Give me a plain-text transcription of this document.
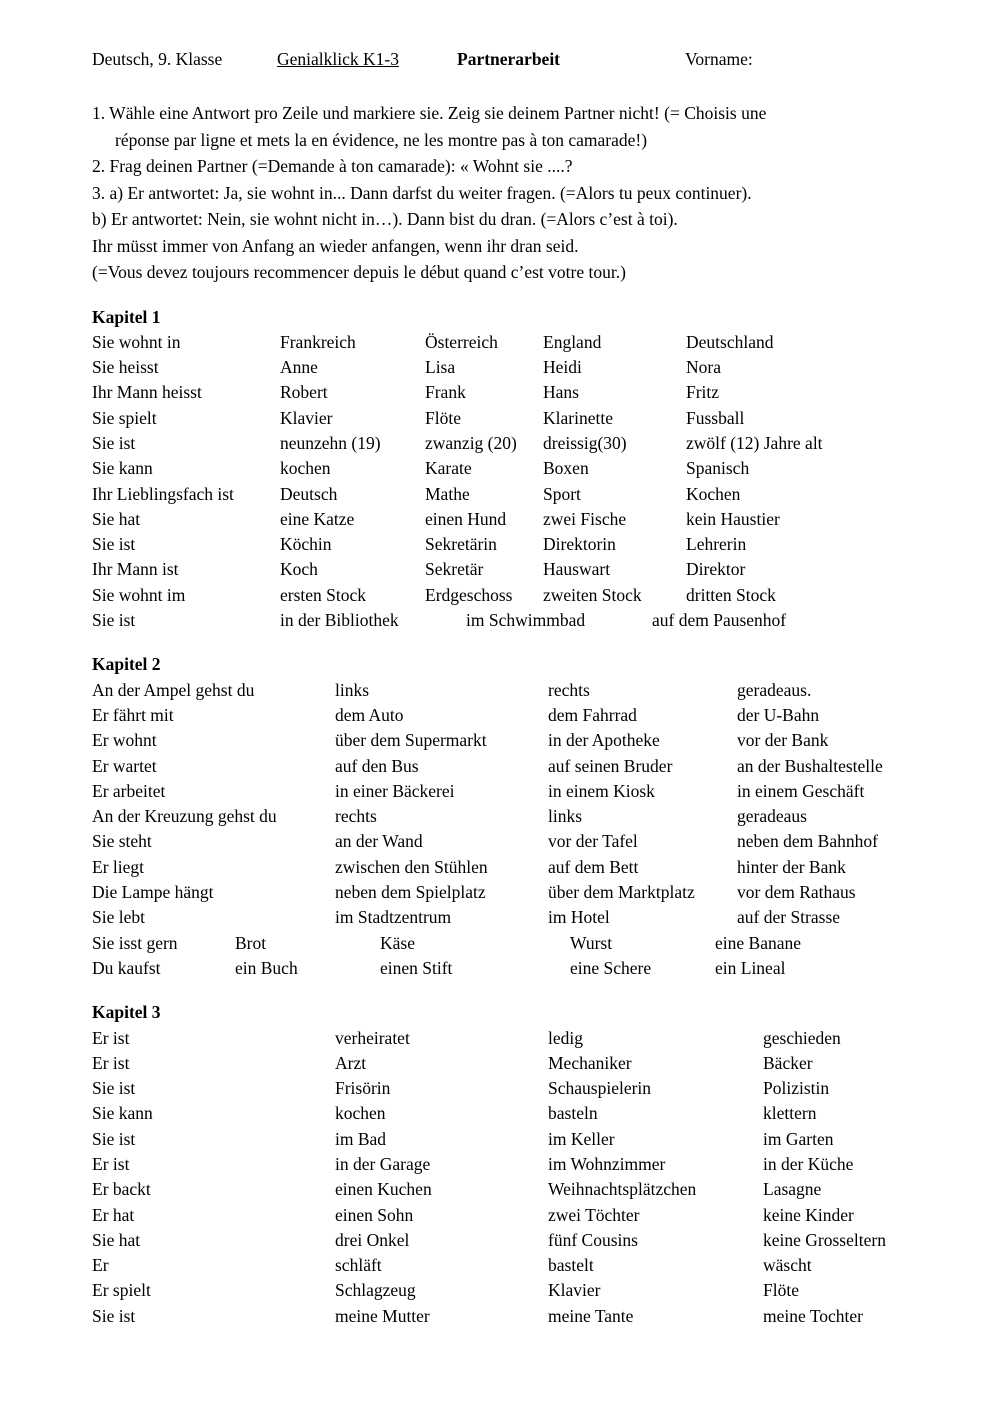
Deutsch, 9. Klasse	Genialklick K1-3	Partnerarbeit	Vorname:
1. Wähle eine Antwort pro Zeile und markiere sie. Zeig sie deinem Partner nicht! (= Choisis une
réponse par ligne et mets la en évidence, ne les montre pas à ton camarade!)
2. Frag deinen Partner (=Demande à ton camarade): « Wohnt sie ....?
3. a) Er antwortet: Ja, sie wohnt in... Dann darfst du weiter fragen. (=Alors tu peux continuer).
b) Er antwortet: Nein, sie wohnt nicht in…). Dann bist du dran. (=Alors c’est à toi).
Ihr müsst immer von Anfang an wieder anfangen, wenn ihr dran seid.
(=Vous devez toujours recommencer depuis le début quand c’est votre tour.)
Kapitel 1
Sie wohnt in	Frankreich	Österreich	England	Deutschland
Sie heisst	Anne	Lisa	Heidi	Nora
Ihr Mann heisst	Robert	Frank	Hans	Fritz
Sie spielt	Klavier	Flöte	Klarinette	Fussball
Sie ist	neunzehn (19)	zwanzig (20)	dreissig(30)	zwölf (12) Jahre alt
Sie kann	kochen	Karate	Boxen	Spanisch
Ihr Lieblingsfach ist	Deutsch	Mathe	Sport	Kochen
Sie hat	eine Katze	einen Hund	zwei Fische	kein Haustier
Sie ist	Köchin	Sekretärin	Direktorin	Lehrerin
Ihr Mann ist	Koch	Sekretär	Hauswart	Direktor
Sie wohnt im	ersten Stock	Erdgeschoss	zweiten Stock	dritten Stock
Sie ist	in der Bibliothek	im Schwimmbad	auf dem Pausenhof
Kapitel 2
An der Ampel gehst du	links	rechts	geradeaus.
Er fährt mit	dem Auto	dem Fahrrad	der U-Bahn
Er wohnt	über dem Supermarkt	in der Apotheke	vor der Bank
Er wartet	auf den Bus	auf seinen Bruder	an der Bushaltestelle
Er arbeitet	in einer Bäckerei	in einem Kiosk	in einem Geschäft
An der Kreuzung gehst du	rechts	links	geradeaus
Sie steht	an der Wand	vor der Tafel	neben dem Bahnhof
Er liegt	zwischen den Stühlen	auf dem Bett	hinter der Bank
Die Lampe hängt	neben dem Spielplatz	über dem Marktplatz	vor dem Rathaus
Sie lebt	im Stadtzentrum	im Hotel	auf der Strasse
Sie isst gern	Brot	Käse	Wurst	eine Banane
Du kaufst	ein Buch	einen Stift	eine Schere	ein Lineal
Kapitel 3
Er ist	verheiratet	ledig	geschieden
Er ist	Arzt	Mechaniker	Bäcker
Sie ist	Frisörin	Schauspielerin	Polizistin
Sie kann	kochen	basteln	klettern
Sie ist	im Bad	im Keller	im Garten
Er ist	in der Garage	im Wohnzimmer	in der Küche
Er backt	einen Kuchen	Weihnachtsplätzchen	Lasagne
Er hat	einen Sohn	zwei Töchter	keine Kinder
Sie hat	drei Onkel	fünf Cousins	keine Grosseltern
Er	schläft	bastelt	wäscht
Er spielt	Schlagzeug	Klavier	Flöte
Sie ist	meine Mutter	meine Tante	meine Tochter
